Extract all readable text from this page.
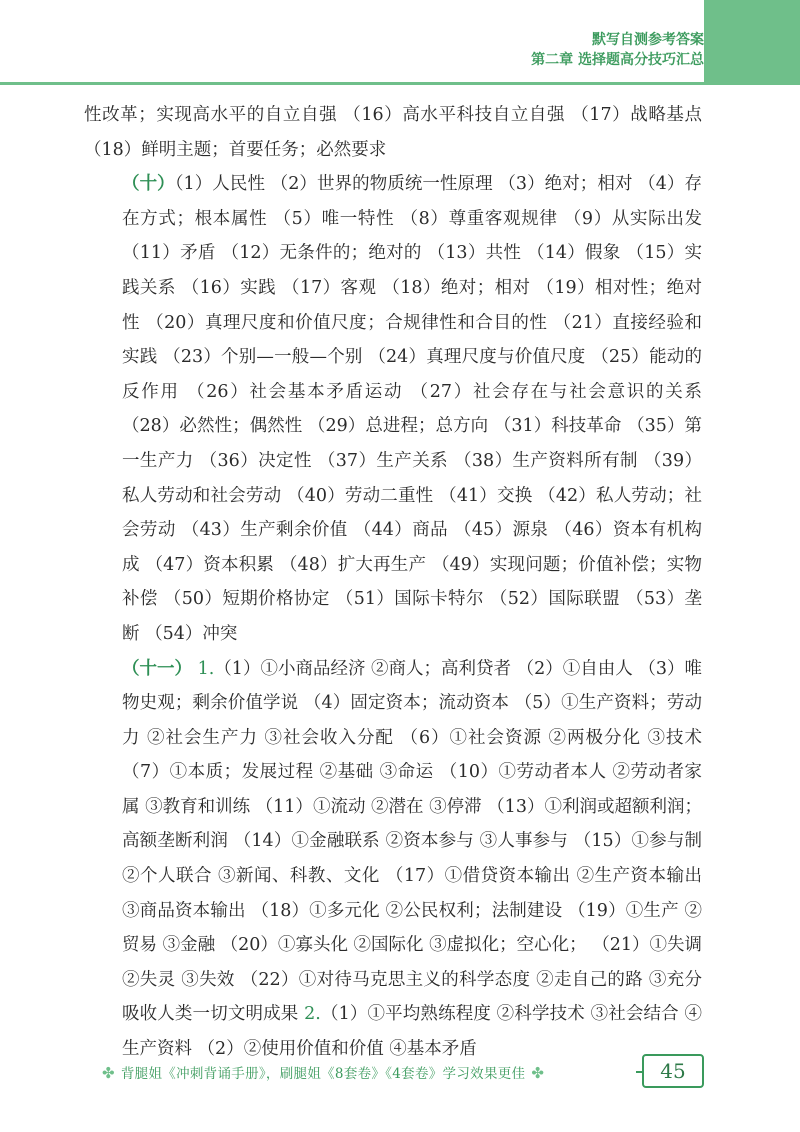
默写自测参考答案
第二章 选择题高分技巧汇总

性改革；实现高水平的自立自强 （16）高水平科技自立自强 （17）战略基点 （18）鲜明主题；首要任务；必然要求

（十）（1）人民性 （2）世界的物质统一性原理 （3）绝对；相对 （4）存在方式；根本属性 （5）唯一特性 （8）尊重客观规律 （9）从实际出发 （11）矛盾 （12）无条件的；绝对的 （13）共性 （14）假象 （15）实践关系 （16）实践 （17）客观 （18）绝对；相对 （19）相对性；绝对性 （20）真理尺度和价值尺度；合规律性和合目的性 （21）直接经验和实践 （23）个别—一般—个别 （24）真理尺度与价值尺度 （25）能动的反作用 （26）社会基本矛盾运动 （27）社会存在与社会意识的关系 （28）必然性；偶然性 （29）总进程；总方向 （31）科技革命 （35）第一生产力 （36）决定性 （37）生产关系 （38）生产资料所有制 （39）私人劳动和社会劳动 （40）劳动二重性 （41）交换 （42）私人劳动；社会劳动 （43）生产剩余价值 （44）商品 （45）源泉 （46）资本有机构成 （47）资本积累 （48）扩大再生产 （49）实现问题；价值补偿；实物补偿 （50）短期价格协定 （51）国际卡特尔 （52）国际联盟 （53）垄断 （54）冲突

（十一） 1.（1）①小商品经济 ②商人；高利贷者 （2）①自由人 （3）唯物史观；剩余价值学说 （4）固定资本；流动资本 （5）①生产资料；劳动力 ②社会生产力 ③社会收入分配 （6）①社会资源 ②两极分化 ③技术 （7）①本质；发展过程 ②基础 ③命运 （10）①劳动者本人 ②劳动者家属 ③教育和训练 （11）①流动 ②潜在 ③停滞 （13）①利润或超额利润；高额垄断利润 （14）①金融联系 ②资本参与 ③人事参与 （15）①参与制 ②个人联合 ③新闻、科教、文化 （17）①借贷资本输出 ②生产资本输出 ③商品资本输出 （18）①多元化 ②公民权利；法制建设 （19）①生产 ②贸易 ③金融 （20）①寡头化 ②国际化 ③虚拟化；空心化； （21）①失调 ②失灵 ③失效 （22）①对待马克思主义的科学态度 ②走自己的路 ③充分吸收人类一切文明成果 2.（1）①平均熟练程度 ②科学技术 ③社会结合 ④生产资料 （2）②使用价值和价值 ④基本矛盾

✤ 背腿姐《冲刺背诵手册》，刷腿姐《8套卷》《4套卷》学习效果更佳 ✤	45
